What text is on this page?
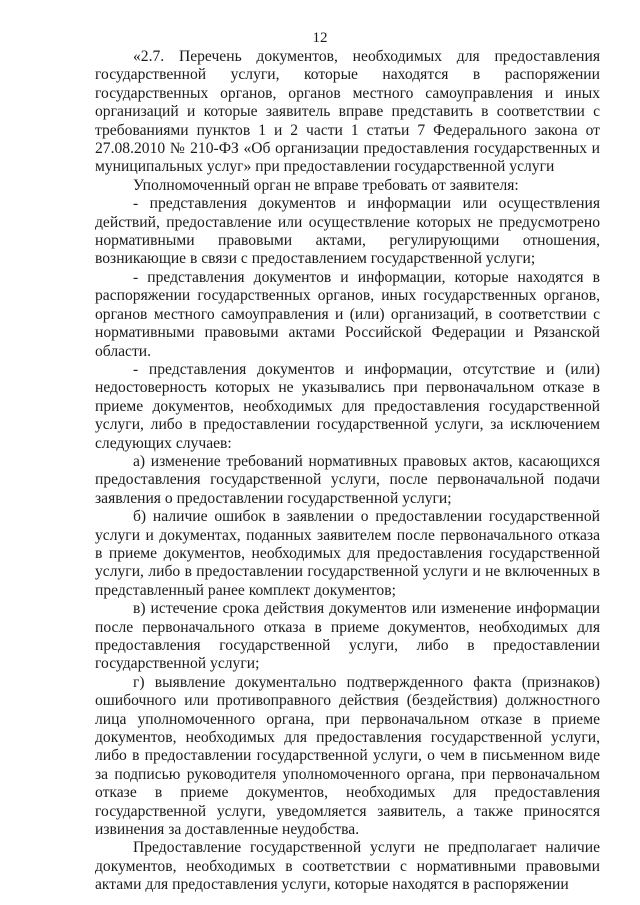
12

«2.7. Перечень документов, необходимых для предоставления государственной услуги, которые находятся в распоряжении государственных органов, органов местного самоуправления и иных организаций и которые заявитель вправе представить в соответствии с требованиями пунктов 1 и 2 части 1 статьи 7 Федерального закона от 27.08.2010 № 210-ФЗ «Об организации предоставления государственных и муниципальных услуг» при предоставлении государственной услуги

Уполномоченный орган не вправе требовать от заявителя:

- представления документов и информации или осуществления действий, предоставление или осуществление которых не предусмотрено нормативными правовыми актами, регулирующими отношения, возникающие в связи с предоставлением государственной услуги;

- представления документов и информации, которые находятся в распоряжении государственных органов, иных государственных органов, органов местного самоуправления и (или) организаций, в соответствии с нормативными правовыми актами Российской Федерации и Рязанской области.

- представления документов и информации, отсутствие и (или) недостоверность которых не указывались при первоначальном отказе в приеме документов, необходимых для предоставления государственной услуги, либо в предоставлении государственной услуги, за исключением следующих случаев:

а) изменение требований нормативных правовых актов, касающихся предоставления государственной услуги, после первоначальной подачи заявления о предоставлении государственной услуги;

б) наличие ошибок в заявлении о предоставлении государственной услуги и документах, поданных заявителем после первоначального отказа в приеме документов, необходимых для предоставления государственной услуги, либо в предоставлении государственной услуги и не включенных в представленный ранее комплект документов;

в) истечение срока действия документов или изменение информации после первоначального отказа в приеме документов, необходимых для предоставления государственной услуги, либо в предоставлении государственной услуги;

г) выявление документально подтвержденного факта (признаков) ошибочного или противоправного действия (бездействия) должностного лица уполномоченного органа, при первоначальном отказе в приеме документов, необходимых для предоставления государственной услуги, либо в предоставлении государственной услуги, о чем в письменном виде за подписью руководителя уполномоченного органа, при первоначальном отказе в приеме документов, необходимых для предоставления государственной услуги, уведомляется заявитель, а также приносятся извинения за доставленные неудобства.

Предоставление государственной услуги не предполагает наличие документов, необходимых в соответствии с нормативными правовыми актами для предоставления услуги, которые находятся в распоряжении
